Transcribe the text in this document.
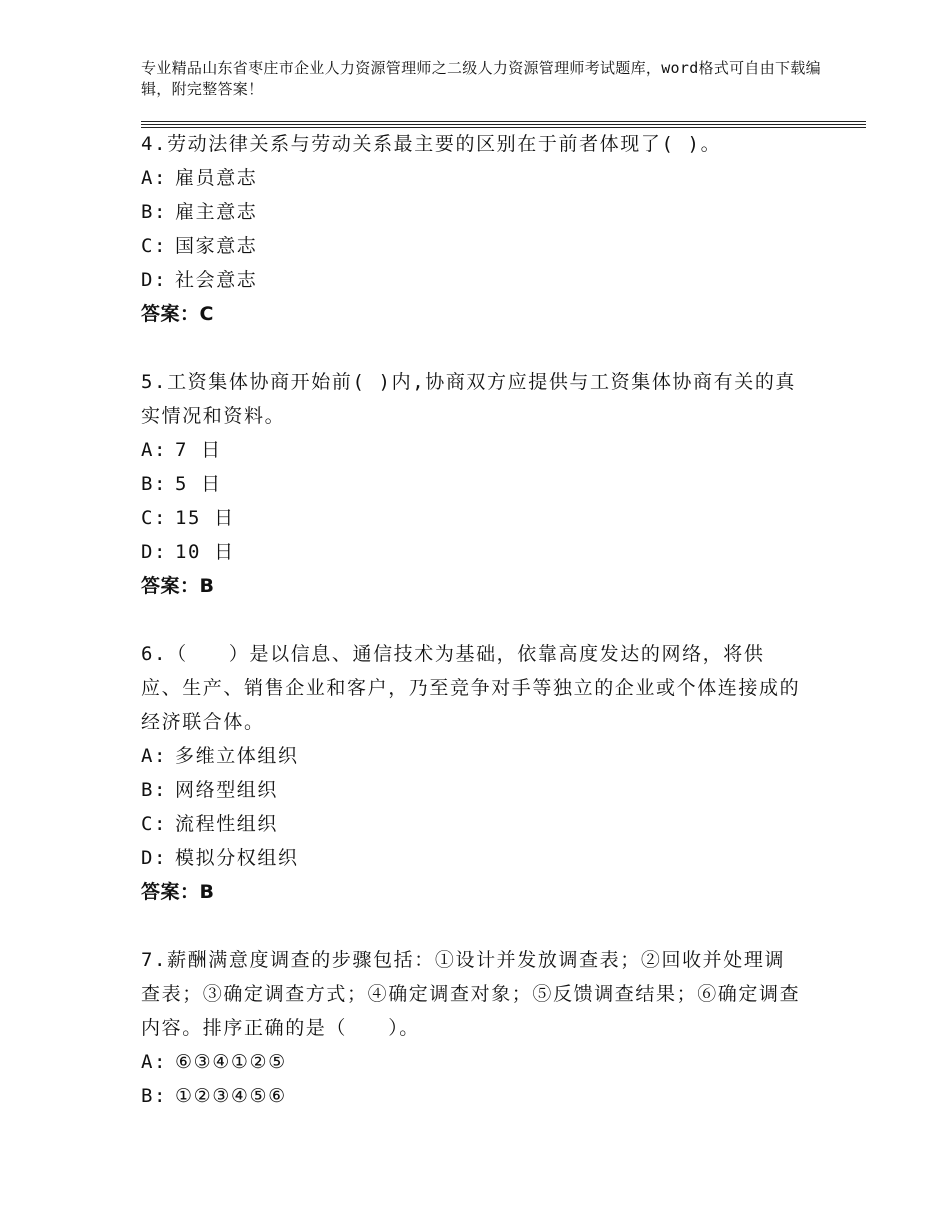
专业精品山东省枣庄市企业人力资源管理师之二级人力资源管理师考试题库，word格式可自由下载编辑，附完整答案！
4.劳动法律关系与劳动关系最主要的区别在于前者体现了( )。
A: 雇员意志
B: 雇主意志
C: 国家意志
D: 社会意志
答案：C
5.工资集体协商开始前( )内,协商双方应提供与工资集体协商有关的真实情况和资料。
A: 7 日
B: 5 日
C: 15 日
D: 10 日
答案：B
6.（　　）是以信息、通信技术为基础，依靠高度发达的网络，将供应、生产、销售企业和客户，乃至竞争对手等独立的企业或个体连接成的经济联合体。
A: 多维立体组织
B: 网络型组织
C: 流程性组织
D: 模拟分权组织
答案：B
7.薪酬满意度调查的步骤包括：①设计并发放调查表；②回收并处理调查表；③确定调查方式；④确定调查对象；⑤反馈调查结果；⑥确定调查内容。排序正确的是（　　）。
A: ⑥③④①②⑤
B: ①②③④⑤⑥
